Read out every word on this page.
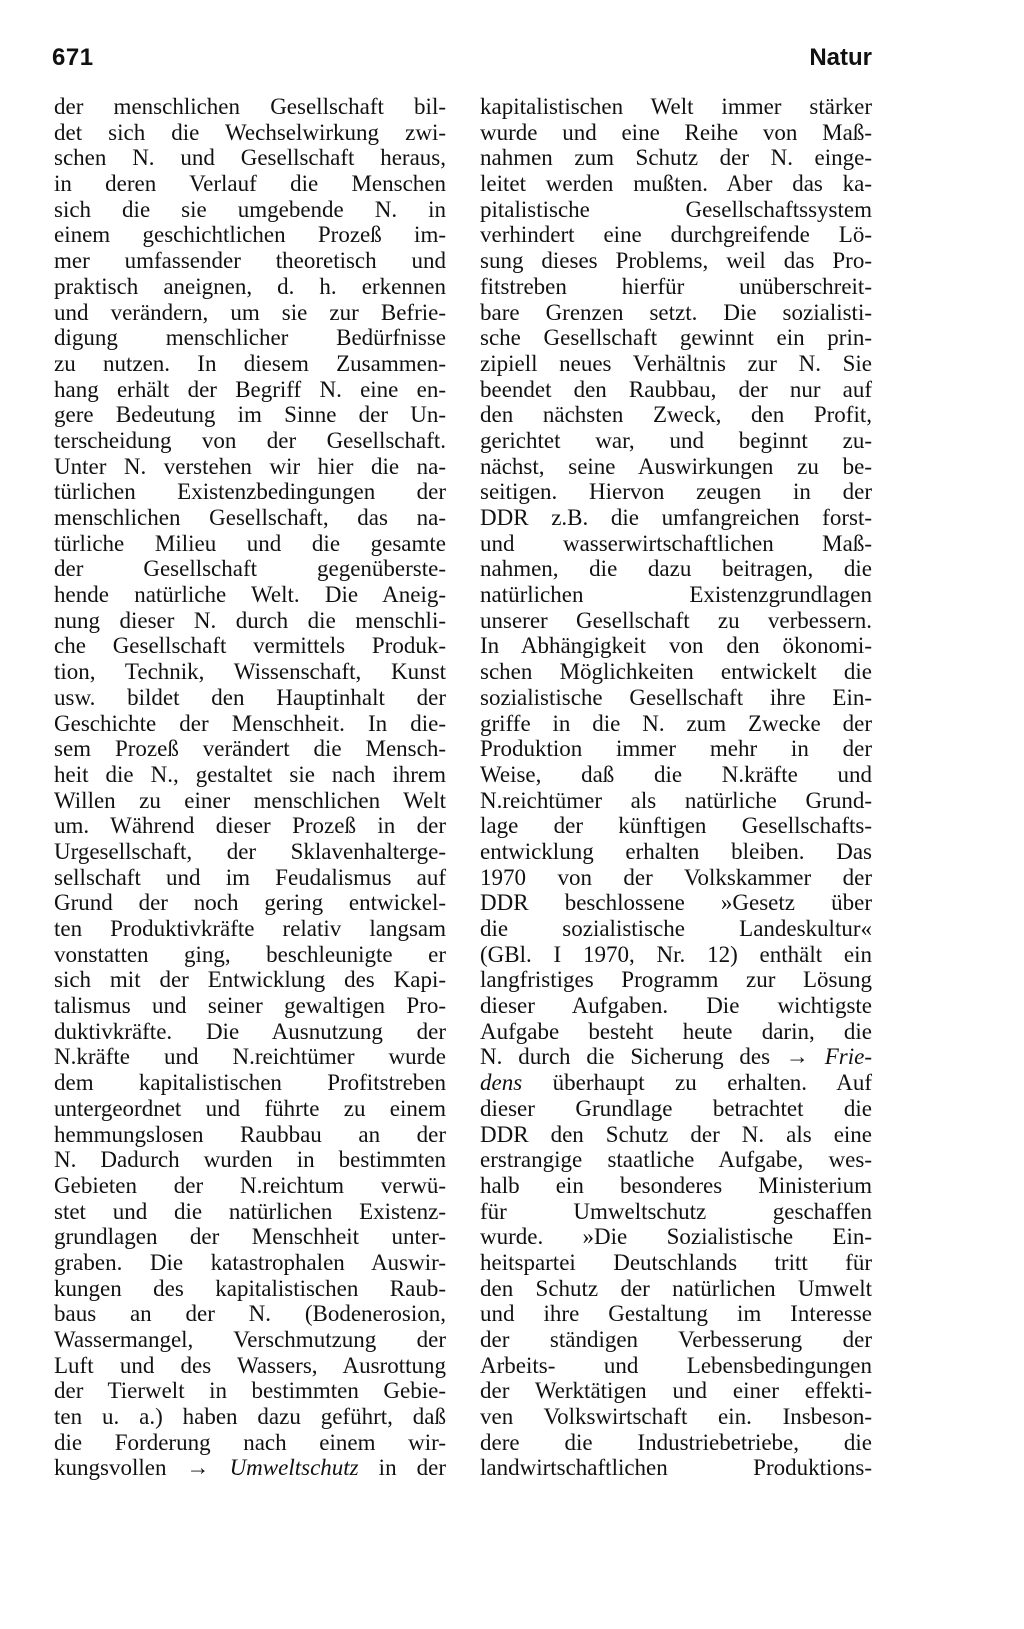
671	Natur
der menschlichen Gesellschaft bil-
det sich die Wechselwirkung zwi-
schen N. und Gesellschaft heraus,
in deren Verlauf die Menschen
sich die sie umgebende N. in
einem geschichtlichen Prozeß im-
mer umfassender theoretisch und
praktisch aneignen, d. h. erkennen
und verändern, um sie zur Befrie-
digung menschlicher Bedürfnisse
zu nutzen. In diesem Zusammen-
hang erhält der Begriff N. eine en-
gere Bedeutung im Sinne der Un-
terscheidung von der Gesellschaft.
Unter N. verstehen wir hier die na-
türlichen Existenzbedingungen der
menschlichen Gesellschaft, das na-
türliche Milieu und die gesamte
der Gesellschaft gegenüberste-
hende natürliche Welt. Die Aneig-
nung dieser N. durch die menschli-
che Gesellschaft vermittels Produk-
tion, Technik, Wissenschaft, Kunst
usw. bildet den Hauptinhalt der
Geschichte der Menschheit. In die-
sem Prozeß verändert die Mensch-
heit die N., gestaltet sie nach ihrem
Willen zu einer menschlichen Welt
um. Während dieser Prozeß in der
Urgesellschaft, der Sklavenhalterge-
sellschaft und im Feudalismus auf
Grund der noch gering entwickel-
ten Produktivkräfte relativ langsam
vonstatten ging, beschleunigte er
sich mit der Entwicklung des Kapi-
talismus und seiner gewaltigen Pro-
duktivkräfte. Die Ausnutzung der
N.kräfte und N.reichtümer wurde
dem kapitalistischen Profitstreben
untergeordnet und führte zu einem
hemmungslosen Raubbau an der
N. Dadurch wurden in bestimmten
Gebieten der N.reichtum verwü-
stet und die natürlichen Existenz-
grundlagen der Menschheit unter-
graben. Die katastrophalen Auswir-
kungen des kapitalistischen Raub-
baus an der N. (Bodenerosion,
Wassermangel, Verschmutzung der
Luft und des Wassers, Ausrottung
der Tierwelt in bestimmten Gebie-
ten u. a.) haben dazu geführt, daß
die Forderung nach einem wir-
kungsvollen → Umweltschutz in der
kapitalistischen Welt immer stärker
wurde und eine Reihe von Maß-
nahmen zum Schutz der N. einge-
leitet werden mußten. Aber das ka-
pitalistische Gesellschaftssystem
verhindert eine durchgreifende Lö-
sung dieses Problems, weil das Pro-
fitstreben hierfür unüberschreit-
bare Grenzen setzt. Die sozialisti-
sche Gesellschaft gewinnt ein prin-
zipiell neues Verhältnis zur N. Sie
beendet den Raubbau, der nur auf
den nächsten Zweck, den Profit,
gerichtet war, und beginnt zu-
nächst, seine Auswirkungen zu be-
seitigen. Hiervon zeugen in der
DDR z.B. die umfangreichen forst-
und wasserwirtschaftlichen Maß-
nahmen, die dazu beitragen, die
natürlichen Existenzgrundlagen
unserer Gesellschaft zu verbessern.
In Abhängigkeit von den ökonomi-
schen Möglichkeiten entwickelt die
sozialistische Gesellschaft ihre Ein-
griffe in die N. zum Zwecke der
Produktion immer mehr in der
Weise, daß die N.kräfte und
N.reichtümer als natürliche Grund-
lage der künftigen Gesellschafts-
entwicklung erhalten bleiben. Das
1970 von der Volkskammer der
DDR beschlossene »Gesetz über
die sozialistische Landeskultur«
(GBl. I 1970, Nr. 12) enthält ein
langfristiges Programm zur Lösung
dieser Aufgaben. Die wichtigste
Aufgabe besteht heute darin, die
N. durch die Sicherung des → Frie-
dens überhaupt zu erhalten. Auf
dieser Grundlage betrachtet die
DDR den Schutz der N. als eine
erstrangige staatliche Aufgabe, wes-
halb ein besonderes Ministerium
für Umweltschutz geschaffen
wurde. »Die Sozialistische Ein-
heitspartei Deutschlands tritt für
den Schutz der natürlichen Umwelt
und ihre Gestaltung im Interesse
der ständigen Verbesserung der
Arbeits- und Lebensbedingungen
der Werktätigen und einer effekti-
ven Volkswirtschaft ein. Insbeson-
dere die Industriebetriebe, die
landwirtschaftlichen Produktions-
